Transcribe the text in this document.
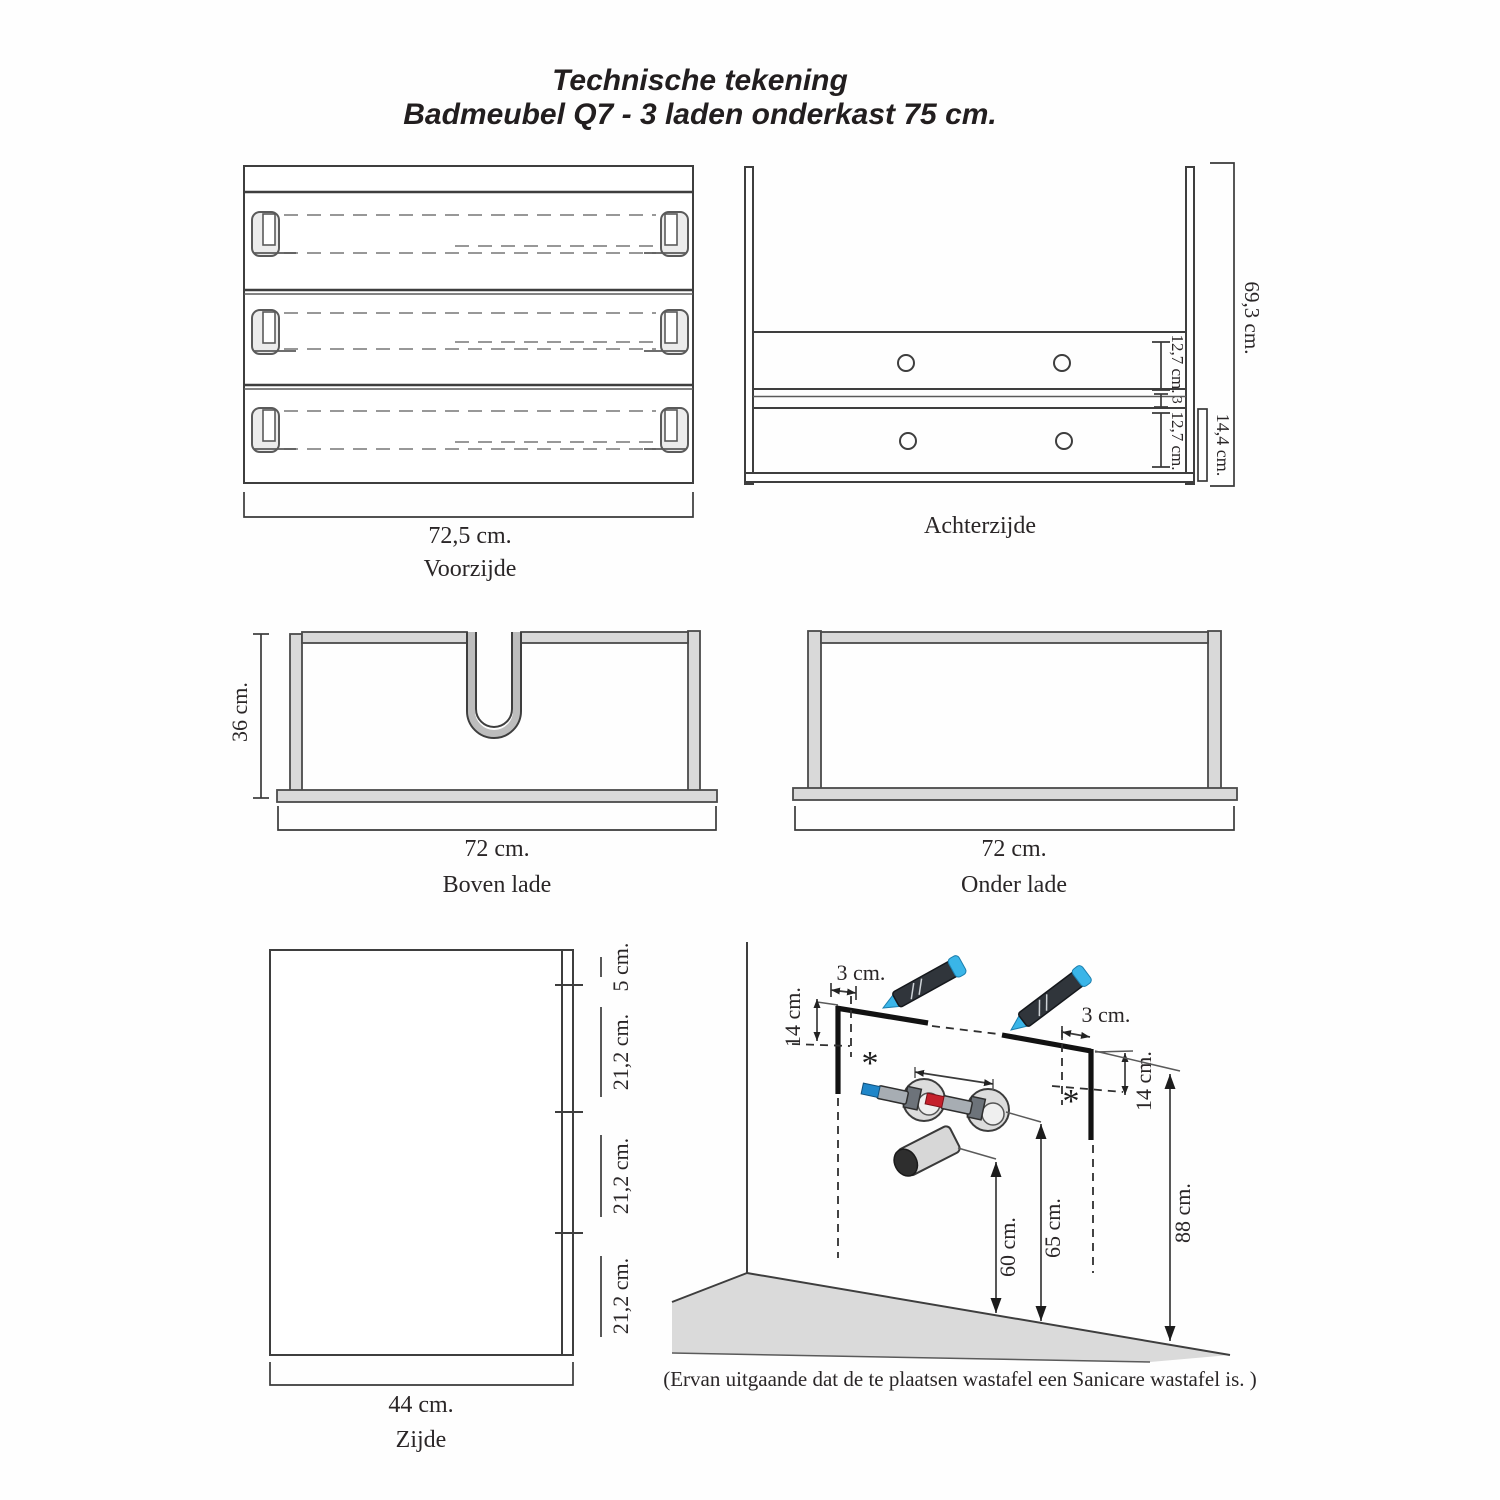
Technische tekening
Badmeubel Q7 - 3 laden onderkast 75 cm.
72,5 cm.
Voorzijde
12,7 cm.
3
12,7 cm. 14,4 cm.
69,3 cm.
Achterzijde
36 cm.
72 cm.
Boven lade
72 cm.
Onder lade
5 cm.
21,2 cm.
21,2 cm.
21,2 cm.
44 cm.
Zijde
*
*
3 cm.
14 cm.	3 cm.
14 cm.
60 cm. 65 cm.	88 cm.
(Ervan uitgaande dat de te plaatsen wastafel een Sanicare wastafel is. )
